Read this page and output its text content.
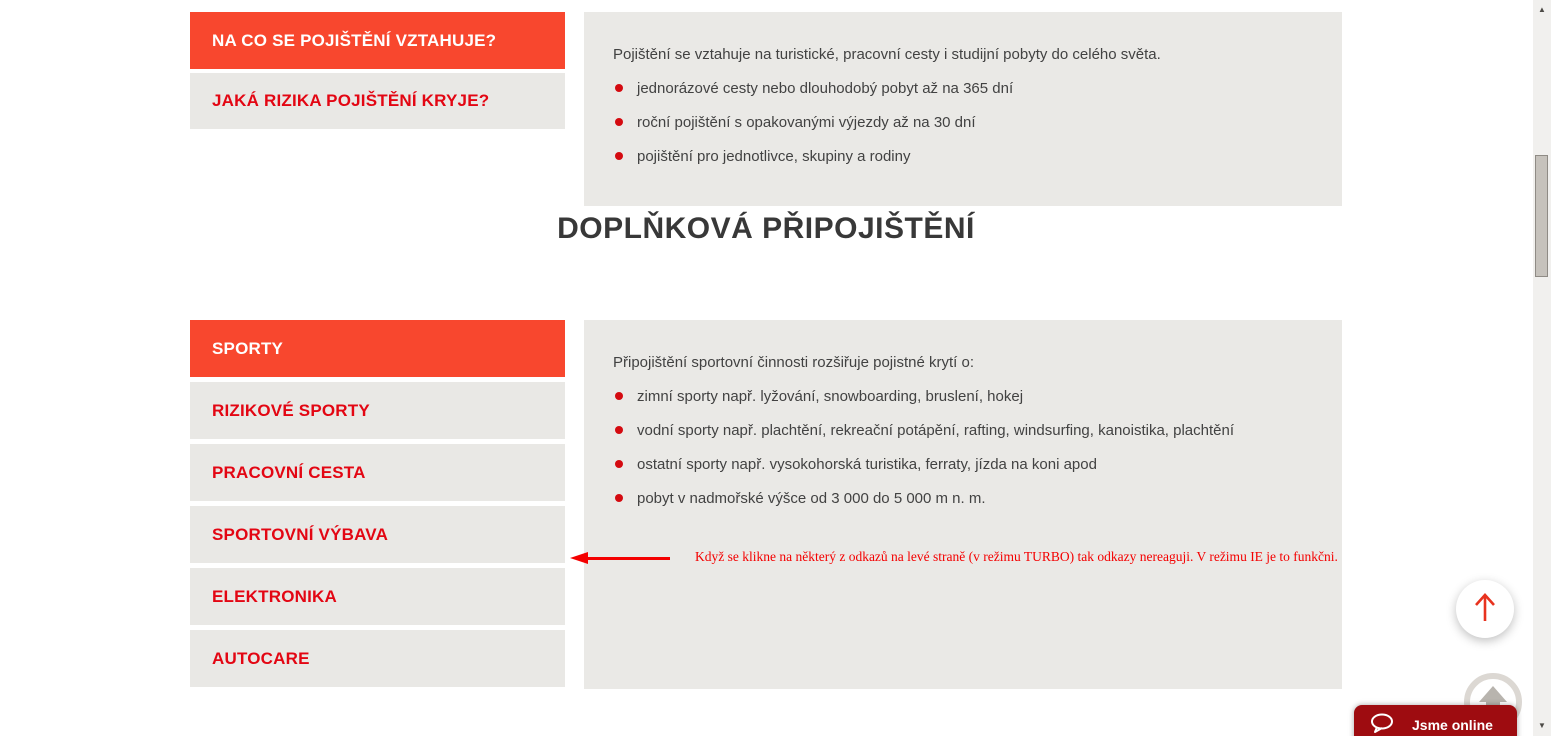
NA CO SE POJIŠTĚNÍ VZTAHUJE?
JAKÁ RIZIKA POJIŠTĚNÍ KRYJE?
Pojištění se vztahuje na turistické, pracovní cesty i studijní pobyty do celého světa.
jednorázové cesty nebo dlouhodobý pobyt až na 365 dní
roční pojištění s opakovanými výjezdy až na 30 dní
pojištění pro jednotlivce, skupiny a rodiny
DOPLŇKOVÁ PŘIPOJIŠTĚNÍ
SPORTY
RIZIKOVÉ SPORTY
PRACOVNÍ CESTA
SPORTOVNÍ VÝBAVA
ELEKTRONIKA
AUTOCARE
Připojištění sportovní činnosti rozšiřuje pojistné krytí o:
zimní sporty např. lyžování, snowboarding, bruslení, hokej
vodní sporty např. plachtění, rekreační potápění, rafting, windsurfing, kanoistika, plachtění
ostatní sporty např. vysokohorská turistika, ferraty, jízda na koni apod
pobyt v nadmořské výšce od 3 000 do 5 000 m n. m.
Když se klikne na některý z odkazů na levé straně (v režimu TURBO) tak odkazy nereaguji. V režimu IE je to funkčni.
Jsme online
▲
▼
